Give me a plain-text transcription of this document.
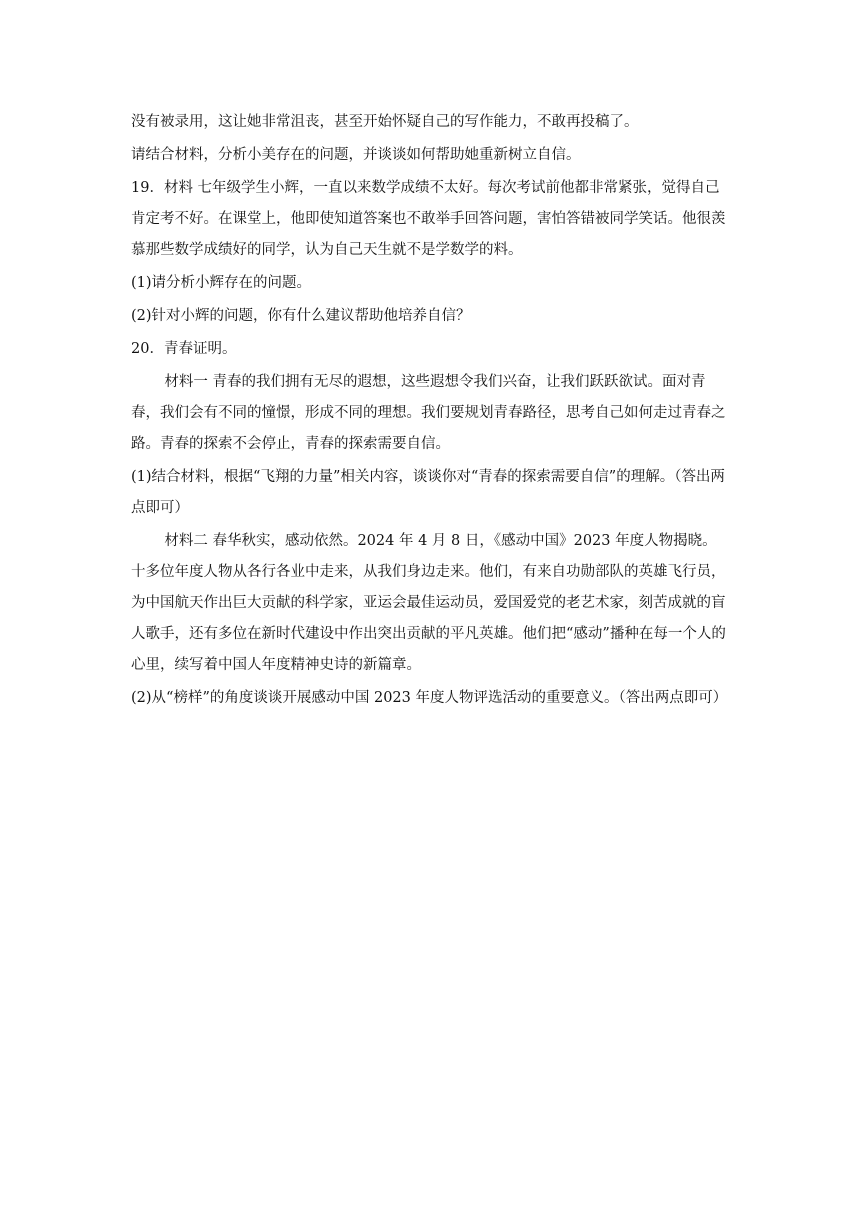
没有被录用，这让她非常沮丧，甚至开始怀疑自己的写作能力，不敢再投稿了。

请结合材料，分析小美存在的问题，并谈谈如何帮助她重新树立自信。

19．材料 七年级学生小辉，一直以来数学成绩不太好。每次考试前他都非常紧张，觉得自己肯定考不好。在课堂上，他即使知道答案也不敢举手回答问题，害怕答错被同学笑话。他很羡慕那些数学成绩好的同学，认为自己天生就不是学数学的料。

(1)请分析小辉存在的问题。

(2)针对小辉的问题，你有什么建议帮助他培养自信？

20．青春证明。

材料一 青春的我们拥有无尽的遐想，这些遐想令我们兴奋，让我们跃跃欲试。面对青春，我们会有不同的憧憬，形成不同的理想。我们要规划青春路径，思考自己如何走过青春之路。青春的探索不会停止，青春的探索需要自信。

(1)结合材料，根据“飞翔的力量”相关内容，谈谈你对“青春的探索需要自信”的理解。（答出两点即可）

材料二 春华秋实，感动依然。2024 年 4 月 8 日，《感动中国》2023 年度人物揭晓。十多位年度人物从各行各业中走来，从我们身边走来。他们，有来自功勋部队的英雄飞行员，为中国航天作出巨大贡献的科学家，亚运会最佳运动员，爱国爱党的老艺术家，刻苦成就的盲人歌手，还有多位在新时代建设中作出突出贡献的平凡英雄。他们把“感动”播种在每一个人的心里，续写着中国人年度精神史诗的新篇章。

(2)从“榜样”的角度谈谈开展感动中国 2023 年度人物评选活动的重要意义。（答出两点即可）
